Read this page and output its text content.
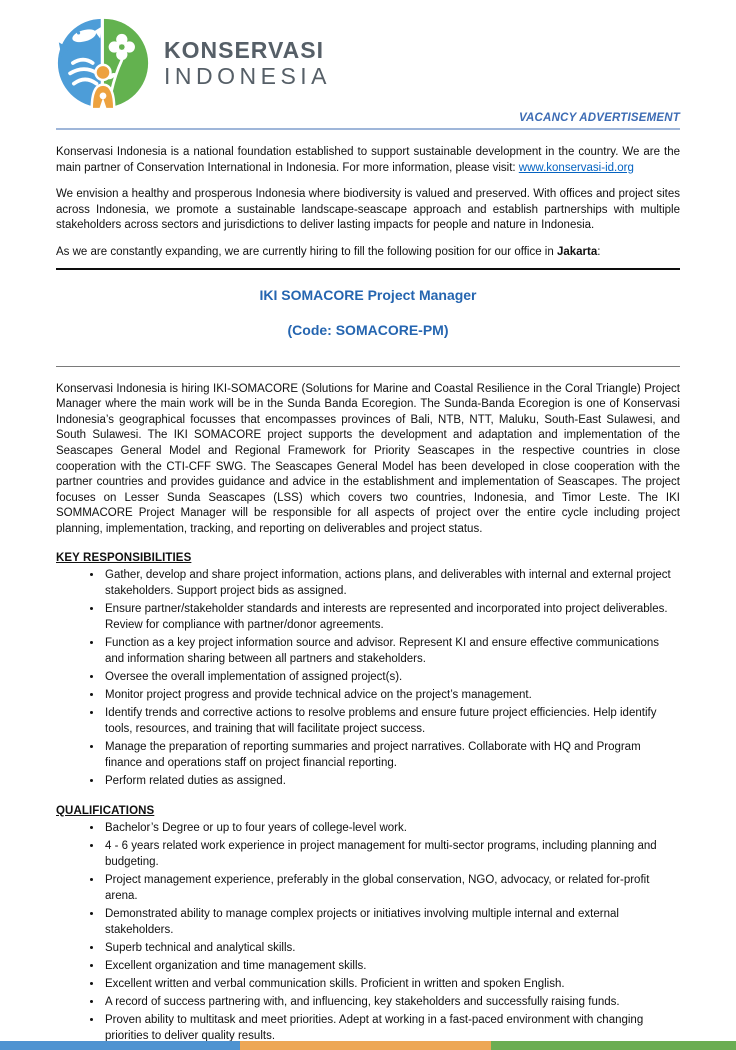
KONSERVASI
INDONESIA
VACANCY ADVERTISEMENT

Konservasi Indonesia is a national foundation established to support sustainable development in the country. We are the main partner of Conservation International in Indonesia. For more information, please visit: www.konservasi-id.org

We envision a healthy and prosperous Indonesia where biodiversity is valued and preserved. With offices and project sites across Indonesia, we promote a sustainable landscape-seascape approach and establish partnerships with multiple stakeholders across sectors and jurisdictions to deliver lasting impacts for people and nature in Indonesia.

As we are constantly expanding, we are currently hiring to fill the following position for our office in Jakarta:

IKI SOMACORE Project Manager
(Code: SOMACORE-PM)

Konservasi Indonesia is hiring IKI-SOMACORE (Solutions for Marine and Coastal Resilience in the Coral Triangle) Project Manager where the main work will be in the Sunda Banda Ecoregion. The Sunda-Banda Ecoregion is one of Konservasi Indonesia’s geographical focusses that encompasses provinces of Bali, NTB, NTT, Maluku, South-East Sulawesi, and South Sulawesi. The IKI SOMACORE project supports the development and adaptation and implementation of the Seascapes General Model and Regional Framework for Priority Seascapes in the respective countries in close cooperation with the CTI-CFF SWG. The Seascapes General Model has been developed in close cooperation with the partner countries and provides guidance and advice in the establishment and implementation of Seascapes. The project focuses on Lesser Sunda Seascapes (LSS) which covers two countries, Indonesia, and Timor Leste. The IKI SOMMACORE Project Manager will be responsible for all aspects of project over the entire cycle including project planning, implementation, tracking, and reporting on deliverables and project status.

KEY RESPONSIBILITIES
• Gather, develop and share project information, actions plans, and deliverables with internal and external project stakeholders. Support project bids as assigned.
• Ensure partner/stakeholder standards and interests are represented and incorporated into project deliverables. Review for compliance with partner/donor agreements.
• Function as a key project information source and advisor. Represent KI and ensure effective communications and information sharing between all partners and stakeholders.
• Oversee the overall implementation of assigned project(s).
• Monitor project progress and provide technical advice on the project’s management.
• Identify trends and corrective actions to resolve problems and ensure future project efficiencies. Help identify tools, resources, and training that will facilitate project success.
• Manage the preparation of reporting summaries and project narratives. Collaborate with HQ and Program finance and operations staff on project financial reporting.
• Perform related duties as assigned.
QUALIFICATIONS
• Bachelor’s Degree or up to four years of college-level work.
• 4 - 6 years related work experience in project management for multi-sector programs, including planning and budgeting.
• Project management experience, preferably in the global conservation, NGO, advocacy, or related for-profit arena.
• Demonstrated ability to manage complex projects or initiatives involving multiple internal and external stakeholders.
• Superb technical and analytical skills.
• Excellent organization and time management skills.
• Excellent written and verbal communication skills. Proficient in written and spoken English.
• A record of success partnering with, and influencing, key stakeholders and successfully raising funds.
• Proven ability to multitask and meet priorities. Adept at working in a fast-paced environment with changing priorities to deliver quality results.
